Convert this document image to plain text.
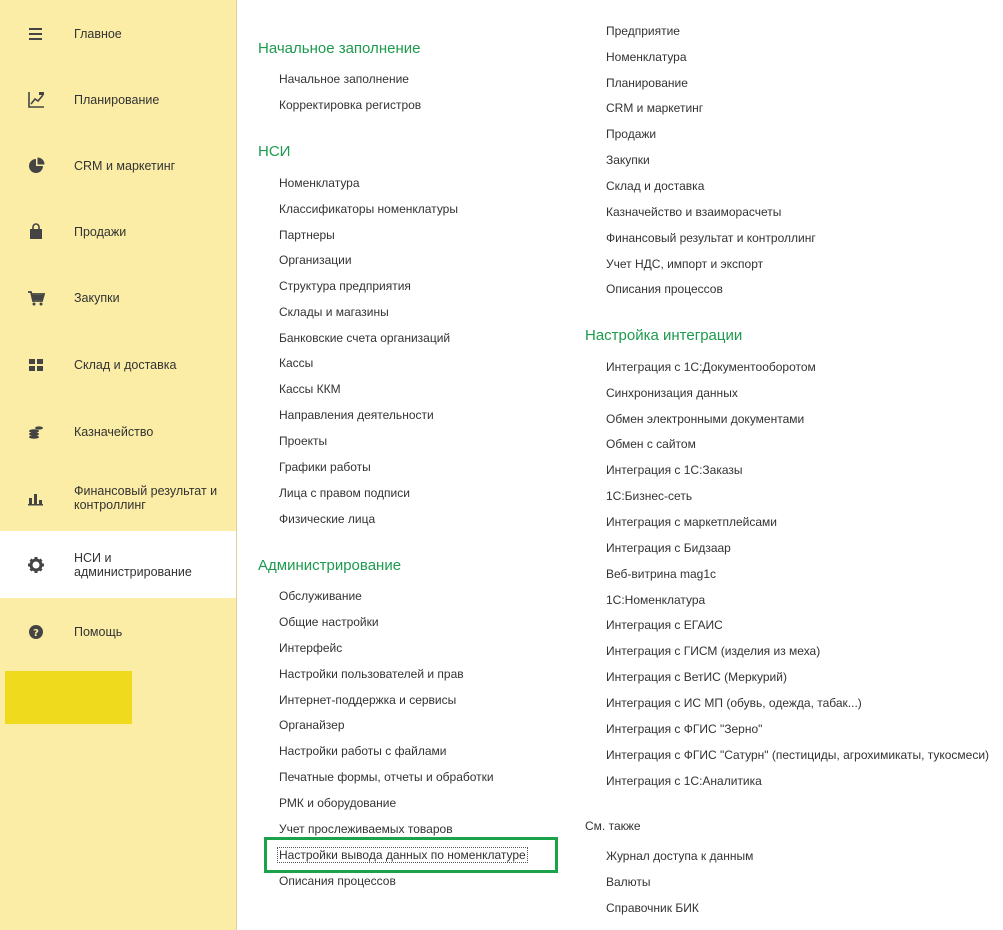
Главное
Планирование
CRM и маркетинг
Продажи
Закупки
Склад и доставка
Казначейство
Финансовый результат и контроллинг
НСИ и администрирование
?	Помощь
Начальное заполнение
Начальное заполнение
Корректировка регистров
НСИ
Номенклатура
Классификаторы номенклатуры
Партнеры
Организации
Структура предприятия
Склады и магазины
Банковские счета организаций
Кассы
Кассы ККМ
Направления деятельности
Проекты
Графики работы
Лица с правом подписи
Физические лица
Администрирование
Обслуживание
Общие настройки
Интерфейс
Настройки пользователей и прав
Интернет-поддержка и сервисы
Органайзер
Настройки работы с файлами
Печатные формы, отчеты и обработки
РМК и оборудование
Учет прослеживаемых товаров
Настройки вывода данных по номенклатуре
Описания процессов
Предприятие
Номенклатура
Планирование
CRM и маркетинг
Продажи
Закупки
Склад и доставка
Казначейство и взаиморасчеты
Финансовый результат и контроллинг
Учет НДС, импорт и экспорт
Описания процессов
Настройка интеграции
Интеграция с 1С:Документооборотом
Синхронизация данных
Обмен электронными документами
Обмен с сайтом
Интеграция с 1С:Заказы
1С:Бизнес-сеть
Интеграция с маркетплейсами
Интеграция с Бидзаар
Веб-витрина mag1c
1С:Номенклатура
Интеграция с ЕГАИС
Интеграция с ГИСМ (изделия из меха)
Интеграция с ВетИС (Меркурий)
Интеграция с ИС МП (обувь, одежда, табак...)
Интеграция с ФГИС "Зерно"
Интеграция с ФГИС "Сатурн" (пестициды, агрохимикаты, тукосмеси)
Интеграция с 1С:Аналитика
См. также
Журнал доступа к данным
Валюты
Справочник БИК
